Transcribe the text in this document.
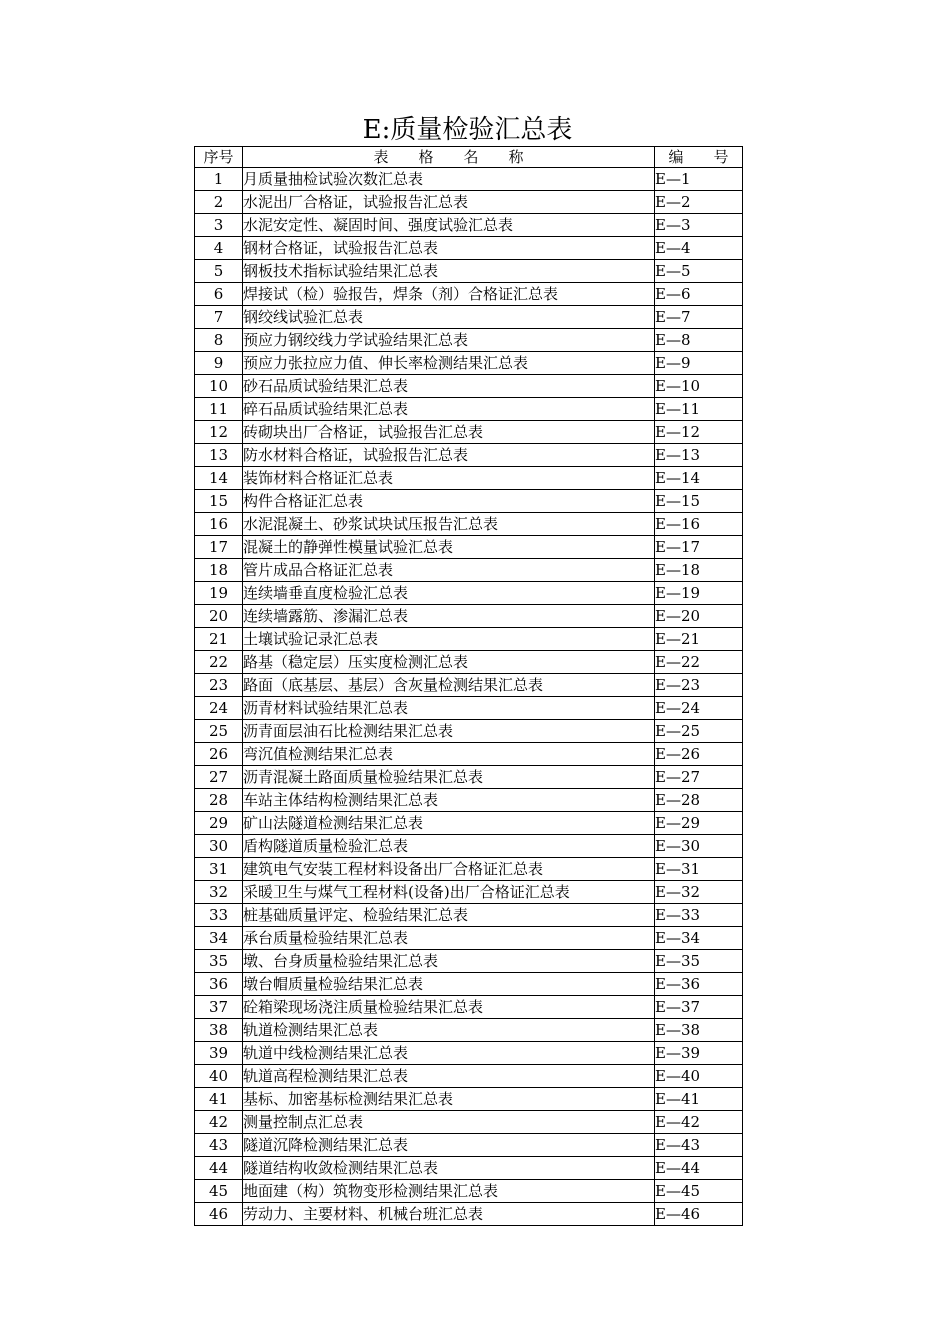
E:质量检验汇总表
序号	表　　格　　名　　称	编　　号
1	月质量抽检试验次数汇总表	E—1
2	水泥出厂合格证，试验报告汇总表	E—2
3	水泥安定性、凝固时间、强度试验汇总表	E—3
4	钢材合格证，试验报告汇总表	E—4
5	钢板技术指标试验结果汇总表	E—5
6	焊接试（检）验报告，焊条（剂）合格证汇总表	E—6
7	钢绞线试验汇总表	E—7
8	预应力钢绞线力学试验结果汇总表	E—8
9	预应力张拉应力值、伸长率检测结果汇总表	E—9
10	砂石品质试验结果汇总表	E—10
11	碎石品质试验结果汇总表	E—11
12	砖砌块出厂合格证，试验报告汇总表	E—12
13	防水材料合格证，试验报告汇总表	E—13
14	装饰材料合格证汇总表	E—14
15	构件合格证汇总表	E—15
16	水泥混凝土、砂浆试块试压报告汇总表	E—16
17	混凝土的静弹性模量试验汇总表	E—17
18	管片成品合格证汇总表	E—18
19	连续墙垂直度检验汇总表	E—19
20	连续墙露筋、渗漏汇总表	E—20
21	土壤试验记录汇总表	E—21
22	路基（稳定层）压实度检测汇总表	E—22
23	路面（底基层、基层）含灰量检测结果汇总表	E—23
24	沥青材料试验结果汇总表	E—24
25	沥青面层油石比检测结果汇总表	E—25
26	弯沉值检测结果汇总表	E—26
27	沥青混凝土路面质量检验结果汇总表	E—27
28	车站主体结构检测结果汇总表	E—28
29	矿山法隧道检测结果汇总表	E—29
30	盾构隧道质量检验汇总表	E—30
31	建筑电气安装工程材料设备出厂合格证汇总表	E—31
32	采暖卫生与煤气工程材料(设备)出厂合格证汇总表	E—32
33	桩基础质量评定、检验结果汇总表	E—33
34	承台质量检验结果汇总表	E—34
35	墩、台身质量检验结果汇总表	E—35
36	墩台帽质量检验结果汇总表	E—36
37	砼箱梁现场浇注质量检验结果汇总表	E—37
38	轨道检测结果汇总表	E—38
39	轨道中线检测结果汇总表	E—39
40	轨道高程检测结果汇总表	E—40
41	基标、加密基标检测结果汇总表	E—41
42	测量控制点汇总表	E—42
43	隧道沉降检测结果汇总表	E—43
44	隧道结构收敛检测结果汇总表	E—44
45	地面建（构）筑物变形检测结果汇总表	E—45
46	劳动力、主要材料、机械台班汇总表	E—46
